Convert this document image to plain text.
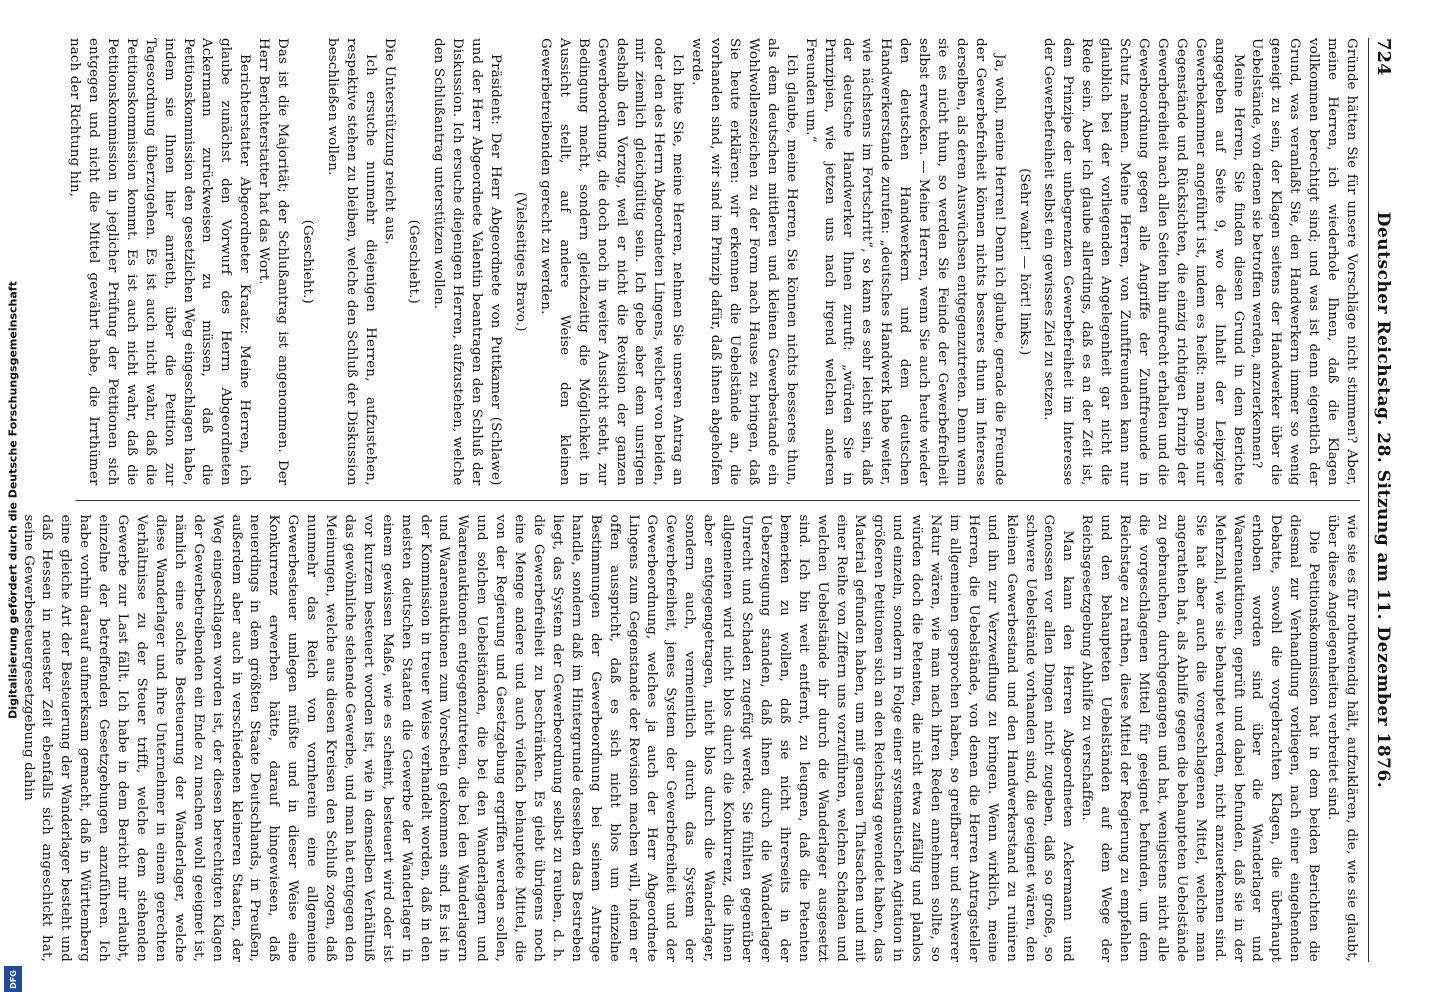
Digitalisierung gefördert durch die Deutsche Forschungsgemeinschaft
DFG
724
Deutscher Reichstag. 28. Sitzung am 11. Dezember 1876.

Gründe hätten Sie für unsere Vorschläge nicht stimmen? Aber, meine Herren, ich wiederhole Ihnen, daß die Klagen vollkommen berechtigt sind; und was ist denn eigentlich der Grund, was veranlaßt Sie, den Handwerkern immer so wenig geneigt zu sein, der Klagen seitens der Handwerker über die Uebelstände, von denen sie betroffen werden, anzuerkennen?

Meine Herren, Sie finden diesen Grund in dem Berichte angegeben auf Seite 9, wo der Inhalt der Leipziger Gewerbekammer angeführt ist, indem es heißt: man möge nur Gegenstände und Rücksichten, die einzig richtigen Prinzip der Gewerbefreiheit nach allen Seiten hin aufrecht erhalten und die Gewerbeordnung gegen alle Angriffe der Zunftfreunde in Schutz nehmen. Meine Herren, von Zunftfreunden kann nur glaublich bei der vorliegenden Angelegenheit gar nicht die Rede sein. Aber ich glaube allerdings, daß es an der Zeit ist, dem Prinzipe der unbegrenzten Gewerbefreiheit im Interesse der Gewerbefreiheit selbst ein gewisses Ziel zu setzen.

(Sehr wahr! — hört! links.)

Ja, wohl, meine Herren! Denn ich glaube, gerade die Freunde der Gewerbefreiheit können nichts besseres thun im Interesse derselben, als deren Auswüchsen entgegenzutreten. Denn wenn sie es nicht thun, so werden Sie Feinde der Gewerbefreiheit selbst erwecken. — Meine Herren, wenn Sie auch heute wieder den deutschen Handwerkern und dem deutschen Handwerkerstande zurufen: „deutsches Handwerk habe weiter, wie nächstens im Fortschritt“, so kann es sehr leicht sein, daß der deutsche Handwerker Ihnen zuruft: „würden Sie in Prinzipien, wie jetzen uns nach irgend welchen anderen Freunden um.“

Ich glaube, meine Herren, Sie können nichts besseres thun, als dem deutschen mittleren und kleinen Gewerbestande ein Wohlwollenszeichen zu der Form nach Hause zu bringen, daß Sie heute erklären: wir erkennen die Uebelstände an, die vorhanden sind, wir sind im Prinzip dafür, daß ihnen abgeholfen werde.

Ich bitte Sie, meine Herren, nehmen Sie unseren Antrag an oder den des Herrn Abgeordneten Lingens, welcher von beiden, mir ziemlich gleichgültig sein. Ich gebe aber dem unsrigen deshalb den Vorzug, weil er nicht die Revision der ganzen Gewerbeordnung, die doch noch in weiter Aussicht steht, zur Bedingung macht, sondern gleichzeitig die Möglichkeit in Aussicht stellt, auf andere Weise den kleinen Gewerbetreibenden gerecht zu werden.

(Vielseitiges Bravo.)

Präsident: Der Herr Abgeordnete von Puttkamer (Schlawe) und der Herr Abgeordnete Valentin beantragen den Schluß der Diskussion. Ich ersuche diejenigen Herren, aufzustehen, welche den Schlußantrag unterstützen wollen.

(Geschieht.)

Die Unterstützung reicht aus.

Ich ersuche nunmehr diejenigen Herren, aufzustehen, respektive stehen zu bleiben, welche den Schluß der Diskussion beschließen wollen.

(Geschieht.)

Das ist die Majorität; der Schlußantrag ist angenommen. Der Herr Berichterstatter hat das Wort.

Berichterstatter Abgeordneter Kraatz: Meine Herren, ich glaube zunächst den Vorwurf des Herrn Abgeordneten Ackermann zurückweisen zu müssen, daß die Petitionskommission den gesetzlichen Weg eingeschlagen habe, indem sie Ihnen hier anrieth, über die Petition zur Tagesordnung überzugehen. Es ist auch nicht wahr, daß die Petitionskommission kommt. Es ist auch nicht wahr, daß die Petitionskommission in jeglicher Prüfung der Petitionen sich entgegen und nicht die Mittel gewährt habe, die Irrthümer nach der Richtung hin,

wie sie es für nothwendig hält, aufzuklären, die, wie sie glaubt, über diese Angelegenheiten verbreitet sind.

Die Petitionskommission hat in dem beiden Berichten die diesmal zur Verhandlung vorliegen, nach einer eingehenden Debatte, sowohl die vorgebrachten Klagen, die überhaupt erhoben worden sind über die Wanderlager und Waarenauktionen, geprüft und dabei befunden, daß sie in der Mehrzahl, wie sie behauptet werden, nicht anzuerkennen sind. Sie hat aber auch die vorgeschlagenen Mittel, welche man angerathen hat, als Abhilfe gegen die behaupteten Uebelstände zu gebrauchen, durchgegangen und hat, wenigstens nicht alle die vorgeschlagenen Mittel für geeignet befunden, um dem Reichstage zu rathen, diese Mittel der Regierung zu empfehlen und den behaupteten Uebelständen auf dem Wege der Reichsgesetzgebung Abhilfe zu verschaffen.

Man kann den Herren Abgeordneten Ackermann und Genossen vor allen Dingen nicht zugeben, daß so große, so schwere Uebelstände vorhanden sind, die geeignet wären, den kleinen Gewerbestand und den Handwerkerstand zu ruiniren und ihn zur Verzweiflung zu bringen. Wenn wirklich, meine Herren, die Uebelstände, von denen die Herren Antragsteller im allgemeinen gesprochen haben, so greifbarer und schwerer Natur wären, wie man nach ihren Reden annehmen sollte, so würden doch die Petenten, die nicht etwa zufällig und planlos und einzeln, sondern in Folge einer systematischen Agitation in größeren Petitionen sich an den Reichstag gewendet haben, das Material gefunden haben, um mit genauen Thatsachen und mit einer Reihe von Ziffern uns vorzuführen, welchen Schaden und welchen Uebelstände ihr durch die Wanderlager ausgesetzt sind. Ich bin weit entfernt, zu leugnen, daß die Petenten bemerken zu wollen, daß sie nicht ihrerseits in der Ueberzeugung standen, daß ihnen durch die Wanderlager Unrecht und Schaden zugefügt werde. Sie fühlten gegenüber allgemeinen wird nicht blos durch die Konkurrenz, die ihnen aber entgegengetragen, nicht blos durch die Wanderlager, sondern auch, vermeintlich durch das System der Gewerbefreiheit, jenes System der Gewerbefreiheit und der Gewerbeordnung, welches ja auch der Herr Abgeordnete Lingens zum Gegenstande der Revision machen will, indem er offen ausspricht, daß es sich nicht blos um einzelne Bestimmungen der Gewerbeordnung bei seinem Antrage handle, sondern daß im Hintergrunde desselben das Bestreben liegt, das System der Gewerbeordnung selbst zu rauben, d. h. die Gewerbefreiheit zu beschränken. Es giebt übrigens noch eine Menge andere und auch vielfach behauptete Mittel, die von der Regierung und Gesetzgebung ergriffen werden sollen, und solchen Uebelständen, die bei den Wanderlagern und Waarenauktionen entgegenzutreten, die bei den Wanderlagern und Waarenauktionen zum Vorschein gekommen sind. Es ist in der Kommission in treuer Weise verhandelt worden, daß in den meisten deutschen Staaten die Gewerbe der Wanderlager in einem gewissen Maße, wie es scheint, besteuert wird oder ist vor kurzem besteuert worden ist, wie in demselben Verhältniß das gewöhnliche stehende Gewerbe, und man hat entgegen den Meinungen, welche aus diesen Kreisen den Schluß zogen, daß nunmehr das Reich von vornherein eine allgemeine Gewerbesteuer umlegen müßte und in dieser Weise eine Konkurrenz erwerben hätte, darauf hingewiesen, daß neuerdings in dem größten Staate Deutschlands, in Preußen, außerdem aber auch in verschiedenen kleineren Staaten, der Weg eingeschlagen worden ist, der diesen berechtigten Klagen der Gewerbetreibenden ein Ende zu machen wohl geeignet ist, nämlich eine solche Besteuerung der Wanderlager, welche diese Wanderlager und ihre Unternehmer in einem gerechten Verhältnisse zu der Steuer trifft, welche dem stehenden Gewerbe zur Last fällt. Ich habe in dem Bericht mir erlaubt, einzelne der betreffenden Gesetzgebungen anzuführen. Ich habe vorhin darauf aufmerksam gemacht, daß in Württemberg eine gleiche Art der Besteuerung der Wanderlager besteht und daß Hessen in neuester Zeit ebenfalls sich angeschickt hat, seine Gewerbesteuergesetzgebung dahin
